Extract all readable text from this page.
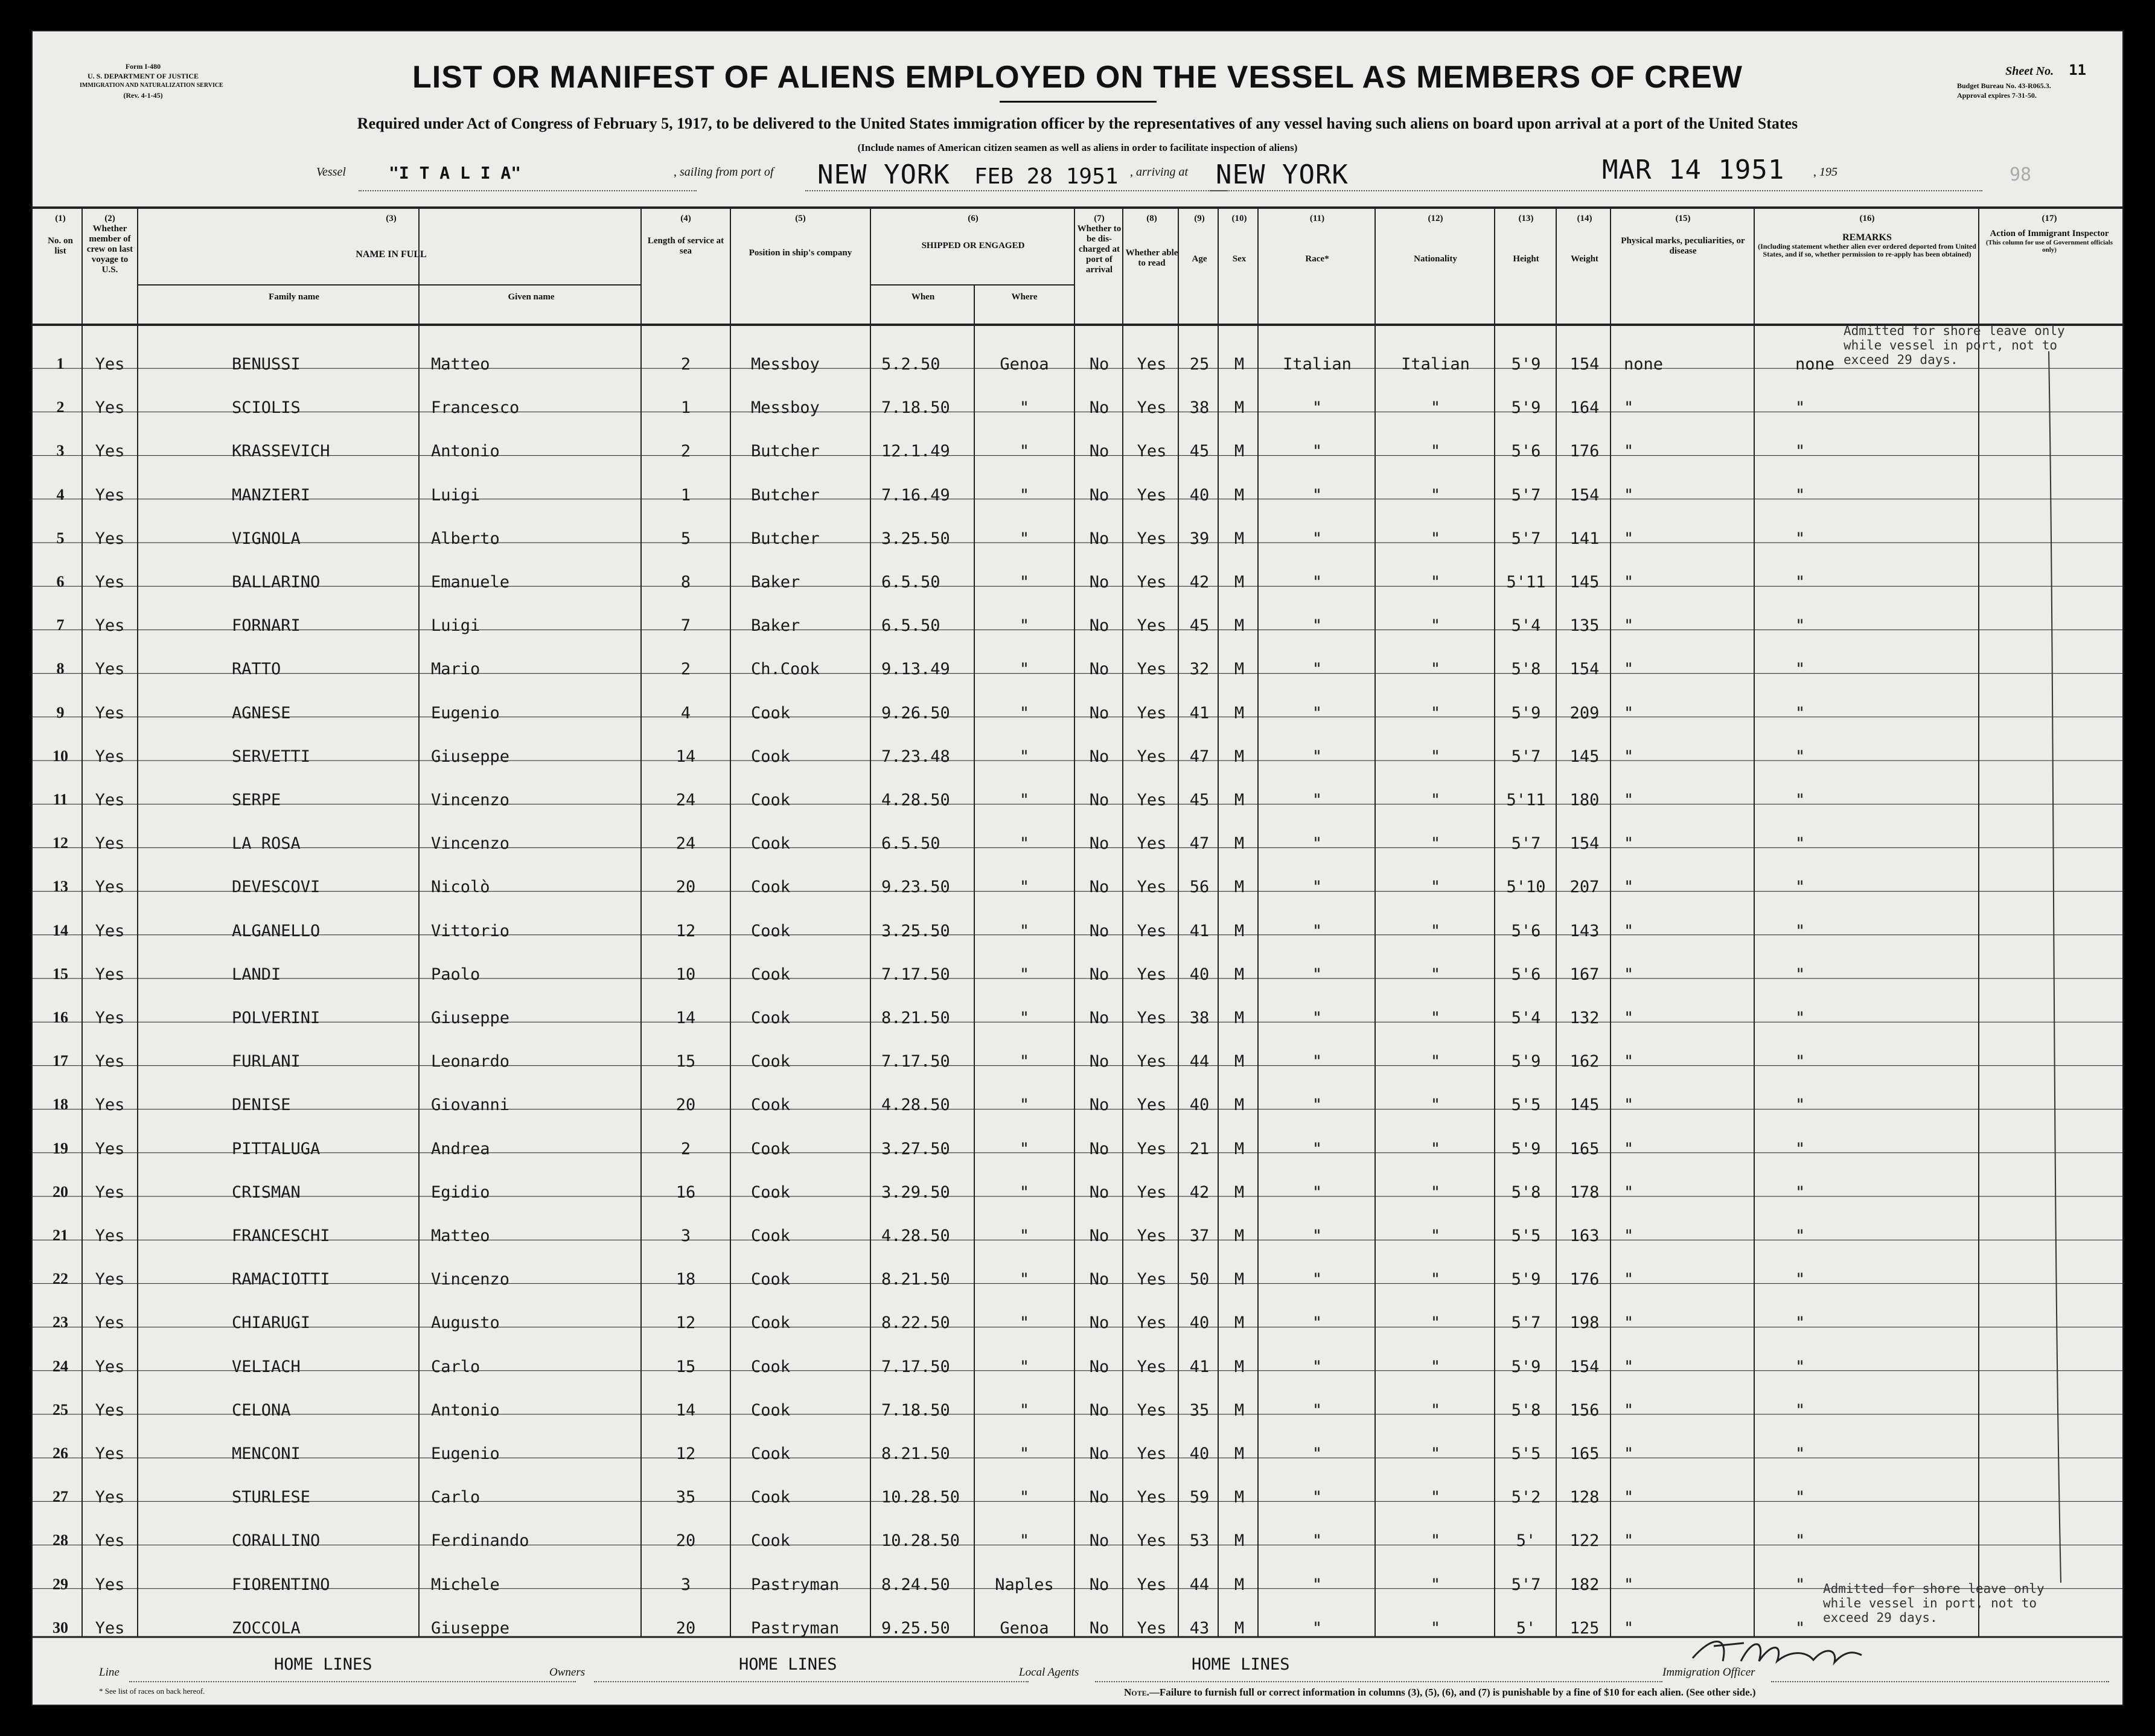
Form I-480
U. S. DEPARTMENT OF JUSTICE
IMMIGRATION AND NATURALIZATION SERVICE
(Rev. 4-1-45)
LIST OR MANIFEST OF ALIENS EMPLOYED ON THE VESSEL AS MEMBERS OF CREW
Required under Act of Congress of February 5, 1917, to be delivered to the United States immigration officer by the representatives of any vessel having such aliens on board upon arrival at a port of the United States
(Include names of American citizen seamen as well as aliens in order to facilitate inspection of aliens)
Sheet No. 11
Budget Bureau No. 43-R065.3.
Approval expires 7-31-50.
Vessel	"I T A L I A"	, sailing from port of NEW YORK FEB 28 1951 , arriving at NEW YORK	MAR 14 1951 , 195	98
(1)
No. on list
(2)
Whether member of crew on last voyage to U.S.
(3)
NAME IN FULL
Family name	Given name
(4)
Length of service at sea
(5)
Position in ship's company
(6)
SHIPPED OR ENGAGED
When	Where
(7)
Whether to be dis-charged at port of arrival
(8)
Whether able to read
(9)
Age
(10)
Sex
(11)
Race*
(12)
Nationality
(13)
Height
(14)
Weight
(15)
Physical marks, peculiarities, or disease
(16)
REMARKS
(Including statement whether alien ever ordered deported from United States, and if so, whether permission to re-apply has been obtained)
(17)
Action of Immigrant Inspector
(This column for use of Government officials only)
1	Yes	BENUSSI	Matteo	2	Messboy	5.2.50	Genoa	No	Yes	25	M	Italian	Italian	5'9	154	none	none
2	Yes	SCIOLIS	Francesco	1	Messboy	7.18.50	"	No	Yes	38	M	"	"	5'9	164	"	"
3	Yes	KRASSEVICH	Antonio	2	Butcher	12.1.49	"	No	Yes	45	M	"	"	5'6	176	"	"
4	Yes	MANZIERI	Luigi	1	Butcher	7.16.49	"	No	Yes	40	M	"	"	5'7	154	"	"
5	Yes	VIGNOLA	Alberto	5	Butcher	3.25.50	"	No	Yes	39	M	"	"	5'7	141	"	"
6	Yes	BALLARINO	Emanuele	8	Baker	6.5.50	"	No	Yes	42	M	"	"	5'11	145	"	"
7	Yes	FORNARI	Luigi	7	Baker	6.5.50	"	No	Yes	45	M	"	"	5'4	135	"	"
8	Yes	RATTO	Mario	2	Ch.Cook	9.13.49	"	No	Yes	32	M	"	"	5'8	154	"	"
9	Yes	AGNESE	Eugenio	4	Cook	9.26.50	"	No	Yes	41	M	"	"	5'9	209	"	"
10	Yes	SERVETTI	Giuseppe	14	Cook	7.23.48	"	No	Yes	47	M	"	"	5'7	145	"	"
11	Yes	SERPE	Vincenzo	24	Cook	4.28.50	"	No	Yes	45	M	"	"	5'11	180	"	"
12	Yes	LA ROSA	Vincenzo	24	Cook	6.5.50	"	No	Yes	47	M	"	"	5'7	154	"	"
13	Yes	DEVESCOVI	Nicolò	20	Cook	9.23.50	"	No	Yes	56	M	"	"	5'10	207	"	"
14	Yes	ALGANELLO	Vittorio	12	Cook	3.25.50	"	No	Yes	41	M	"	"	5'6	143	"	"
15	Yes	LANDI	Paolo	10	Cook	7.17.50	"	No	Yes	40	M	"	"	5'6	167	"	"
16	Yes	POLVERINI	Giuseppe	14	Cook	8.21.50	"	No	Yes	38	M	"	"	5'4	132	"	"
17	Yes	FURLANI	Leonardo	15	Cook	7.17.50	"	No	Yes	44	M	"	"	5'9	162	"	"
18	Yes	DENISE	Giovanni	20	Cook	4.28.50	"	No	Yes	40	M	"	"	5'5	145	"	"
19	Yes	PITTALUGA	Andrea	2	Cook	3.27.50	"	No	Yes	21	M	"	"	5'9	165	"	"
20	Yes	CRISMAN	Egidio	16	Cook	3.29.50	"	No	Yes	42	M	"	"	5'8	178	"	"
21	Yes	FRANCESCHI	Matteo	3	Cook	4.28.50	"	No	Yes	37	M	"	"	5'5	163	"	"
22	Yes	RAMACIOTTI	Vincenzo	18	Cook	8.21.50	"	No	Yes	50	M	"	"	5'9	176	"	"
23	Yes	CHIARUGI	Augusto	12	Cook	8.22.50	"	No	Yes	40	M	"	"	5'7	198	"	"
24	Yes	VELIACH	Carlo	15	Cook	7.17.50	"	No	Yes	41	M	"	"	5'9	154	"	"
25	Yes	CELONA	Antonio	14	Cook	7.18.50	"	No	Yes	35	M	"	"	5'8	156	"	"
26	Yes	MENCONI	Eugenio	12	Cook	8.21.50	"	No	Yes	40	M	"	"	5'5	165	"	"
27	Yes	STURLESE	Carlo	35	Cook	10.28.50	"	No	Yes	59	M	"	"	5'2	128	"	"
28	Yes	CORALLINO	Ferdinando	20	Cook	10.28.50	"	No	Yes	53	M	"	"	5'	122	"	"
29	Yes	FIORENTINO	Michele	3	Pastryman	8.24.50	Naples	No	Yes	44	M	"	"	5'7	182	"	"
30	Yes	ZOCCOLA	Giuseppe	20	Pastryman	9.25.50	Genoa	No	Yes	43	M	"	"	5'	125	"	"
Admitted for shore leave only
while vessel in port, not to
exceed 29 days.
Admitted for shore leave only
while vessel in port, not to
exceed 29 days.
Line	HOME LINES	Owners	HOME LINES	Local Agents	HOME LINES	Immigration Officer
* See list of races on back hereof.	Note.—Failure to furnish full or correct information in columns (3), (5), (6), and (7) is punishable by a fine of $10 for each alien. (See other side.)
